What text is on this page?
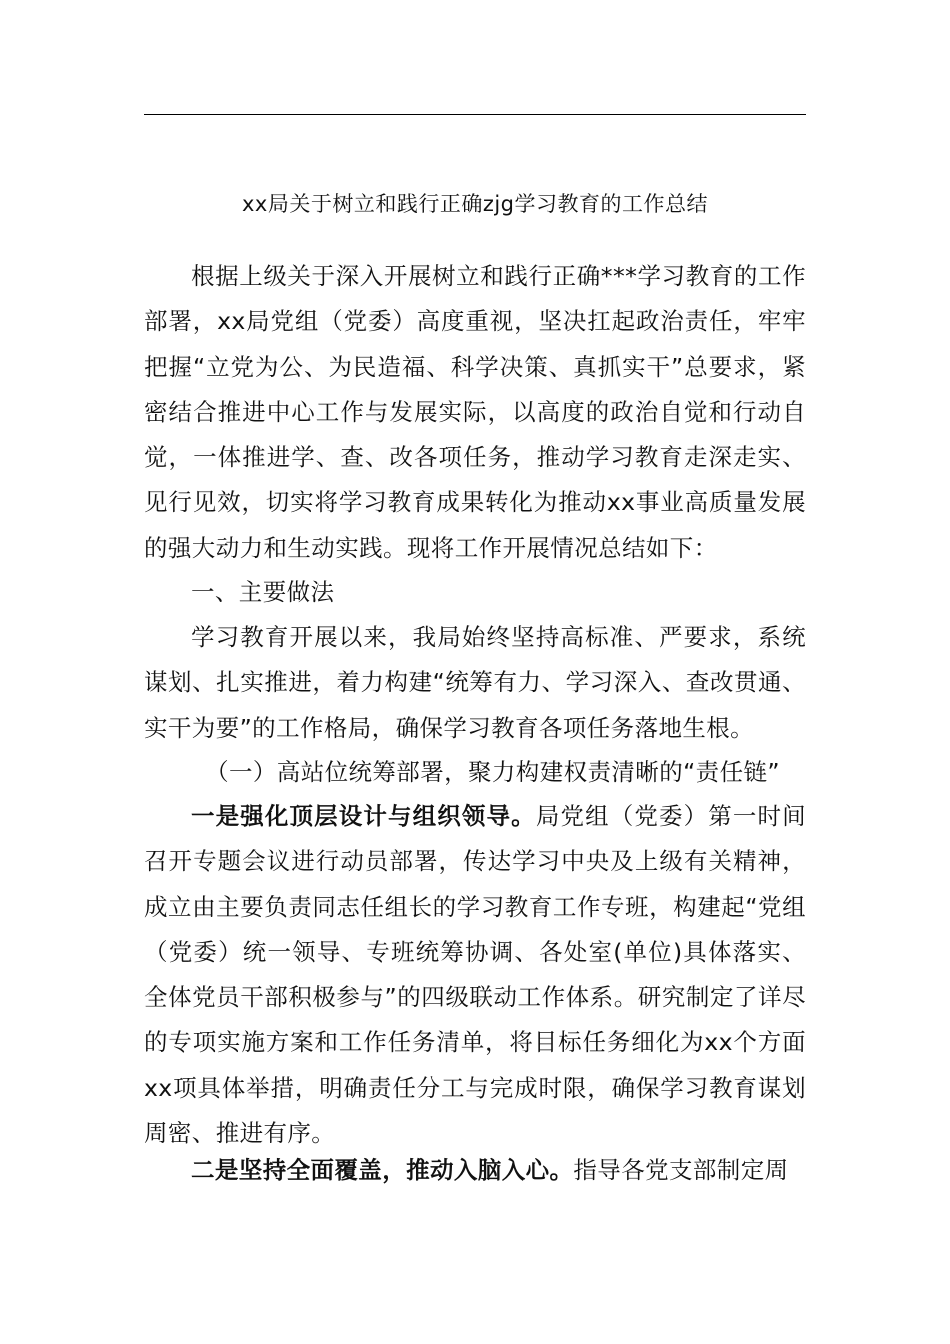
xx局关于树立和践行正确zjg学习教育的工作总结

根据上级关于深入开展树立和践行正确***学习教育的工作部署，xx局党组（党委）高度重视，坚决扛起政治责任，牢牢把握“立党为公、为民造福、科学决策、真抓实干”总要求，紧密结合推进中心工作与发展实际，以高度的政治自觉和行动自觉，一体推进学、查、改各项任务，推动学习教育走深走实、见行见效，切实将学习教育成果转化为推动xx事业高质量发展的强大动力和生动实践。现将工作开展情况总结如下：

一、主要做法

学习教育开展以来，我局始终坚持高标准、严要求，系统谋划、扎实推进，着力构建“统筹有力、学习深入、查改贯通、实干为要”的工作格局，确保学习教育各项任务落地生根。

（一）高站位统筹部署，聚力构建权责清晰的“责任链”

一是强化顶层设计与组织领导。局党组（党委）第一时间召开专题会议进行动员部署，传达学习中央及上级有关精神，成立由主要负责同志任组长的学习教育工作专班，构建起“党组（党委）统一领导、专班统筹协调、各处室(单位)具体落实、全体党员干部积极参与”的四级联动工作体系。研究制定了详尽的专项实施方案和工作任务清单，将目标任务细化为xx个方面xx项具体举措，明确责任分工与完成时限，确保学习教育谋划周密、推进有序。

二是坚持全面覆盖，推动入脑入心。指导各党支部制定周
